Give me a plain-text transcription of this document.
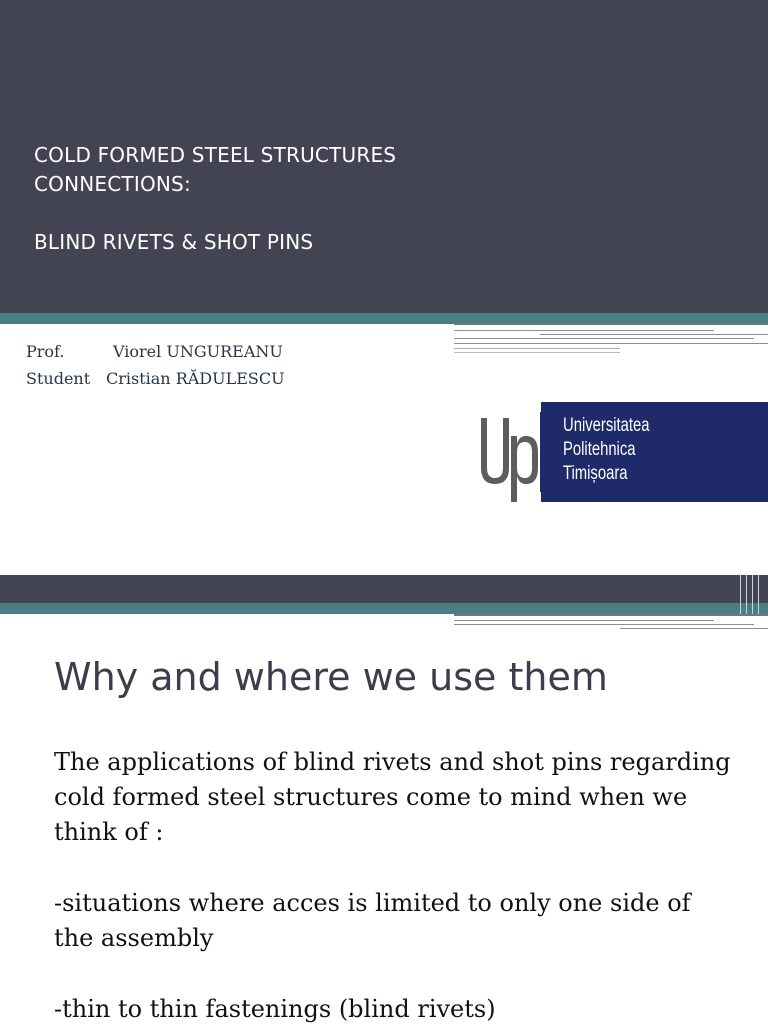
COLD FORMED STEEL STRUCTURES
CONNECTIONS:

BLIND RIVETS & SHOT PINS
Prof.	Viorel UNGUREANU
Student Cristian RĂDULESCU
Universitatea
Politehnica
Timișoara
Why and where we use them

The applications of blind rivets and shot pins regarding cold formed steel structures come to mind when we think of :

-situations where acces is limited to only one side of the assembly

-thin to thin fastenings (blind rivets)
